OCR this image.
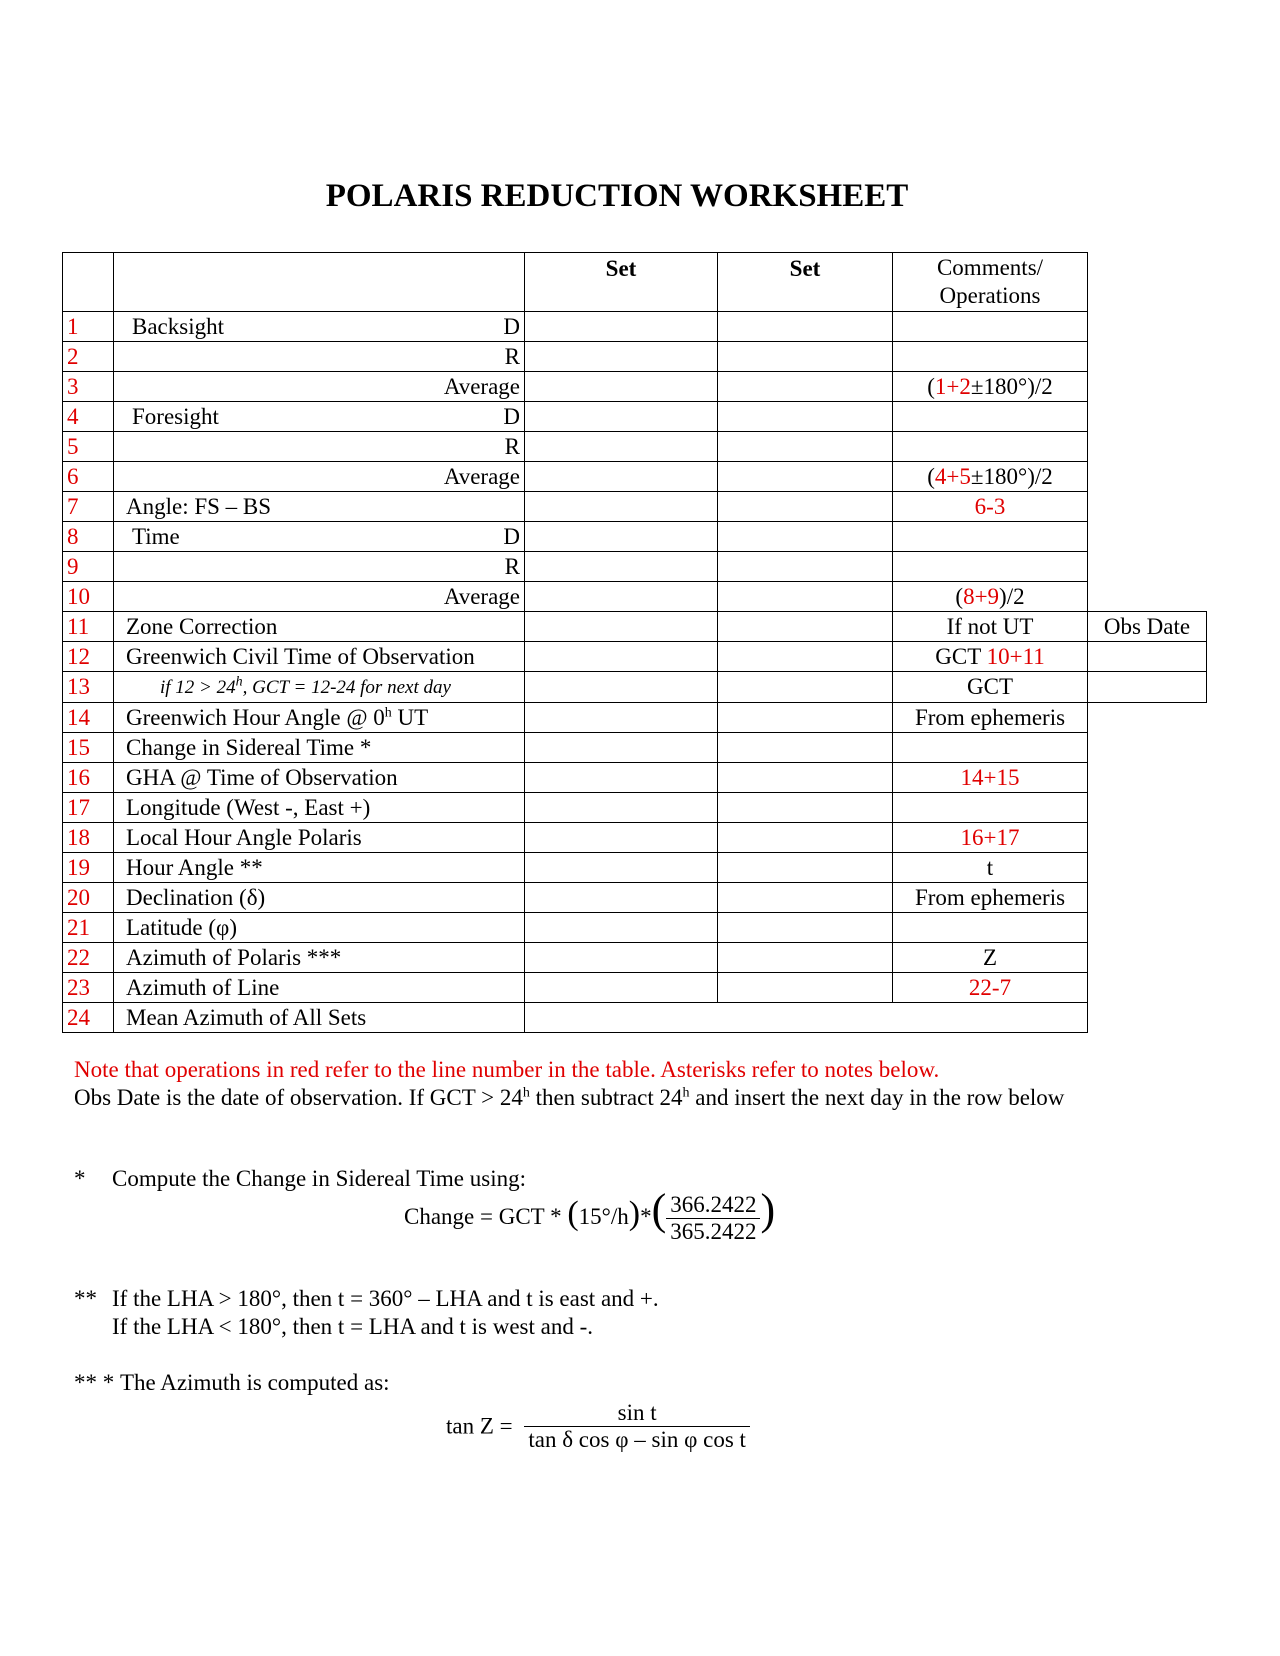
POLARIS REDUCTION WORKSHEET
		Set	Set	Comments/
Operations	
1	Backsight D				

2	R				

3	Average			(1+2±180°)/2	
4	Foresight D				

5	R				

6	Average			(4+5±180°)/2	
7	Angle: FS – BS			6-3	
8	Time D				

9	R				

10	Average			(8+9)/2	
11	Zone Correction			If not UT	Obs Date
12	Greenwich Civil Time of Observation			GCT 10+11	
13	if $12 > 24^h$, GCT = 12-24 for next day			GCT	
14	Greenwich Hour Angle @ 0$^h$ UT			From ephemeris	
15	Change in Sidereal Time *				
16	GHA @ Time of Observation			14+15	
17	Longitude (West -, East +)				
18	Local Hour Angle Polaris			16+17	
19	Hour Angle **			t	
20	Declination (δ)			From ephemeris	
21	Latitude (φ)				
22	Azimuth of Polaris ***			Z	
23	Azimuth of Line			22-7	
24	Mean Azimuth of All Sets				
Note that operations in red refer to the line number in the table. Asterisks refer to notes below.
Obs Date is the date of observation. If GCT > $24^h$ then subtract 24$^h$ and insert the next day in the row below
* Compute the Change in Sidereal Time using:
Change = GCT * $(15^\circ/h)*( \frac{366.2422}{365.2422}$ )
** If the LHA > 180°, then t = 360° – LHA and t is east and +.
If the LHA < 180°, then t = LHA and t is west and -.
** * The Azimuth is computed as:
$\tan Z = \frac{\text{sin t}}{\text{tan δ cos φ – sin φ cos t}}$
